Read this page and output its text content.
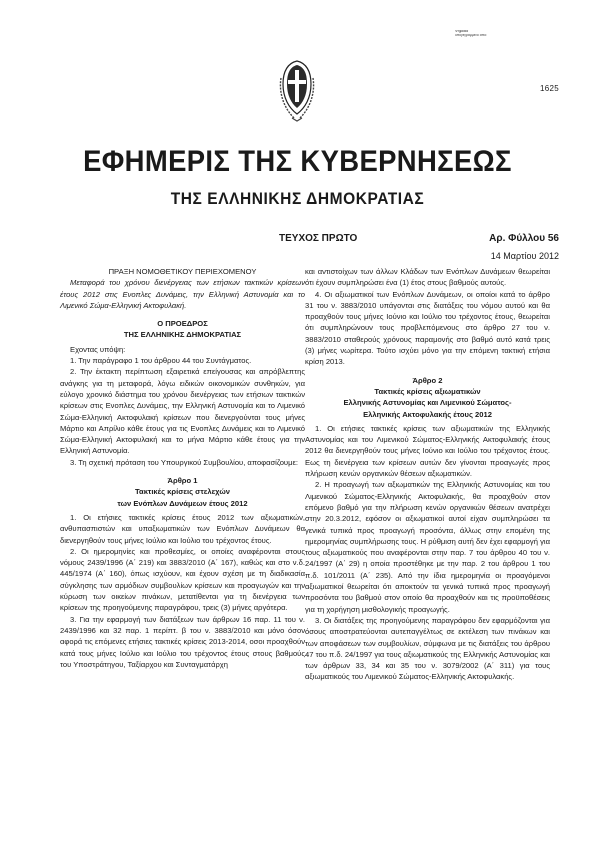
Ψηφιακά
υπογεγραμμένο από:
1625
ΕΦΗΜΕΡΙΣ ΤΗΣ ΚΥΒΕΡΝΗΣΕΩΣ
ΤΗΣ ΕΛΛΗΝΙΚΗΣ ΔΗΜΟΚΡΑΤΙΑΣ
ΤΕΥΧΟΣ ΠΡΩΤΟ	Αρ. Φύλλου 56
14 Μαρτίου 2012
ΠΡΑΞΗ ΝΟΜΟΘΕΤΙΚΟΥ ΠΕΡΙΕΧΟΜΕΝΟΥ
Μεταφορά του χρόνου διενέργειας των ετήσιων τακτικών κρίσεων έτους 2012 στις Ενοπλες Δυνάμεις, την Ελληνική Αστυνομία και το Λιμενικό Σώμα-Ελληνική Ακτοφυλακή.
Ο ΠΡΟΕΔΡΟΣ
ΤΗΣ ΕΛΛΗΝΙΚΗΣ ΔΗΜΟΚΡΑΤΙΑΣ
Εχοντας υπόψη:
1. Την παράγραφο 1 του άρθρου 44 του Συντάγματος.
2. Την έκτακτη περίπτωση εξαιρετικά επείγουσας και απρόβλεπτης ανάγκης για τη μεταφορά, λόγω ειδικών οικονομικών συνθηκών, για εύλογο χρονικό διάστημα του χρόνου διενέργειας των ετήσιων τακτικών κρίσεων στις Ενοπλες Δυνάμεις, την Ελληνική Αστυνομία και το Λιμενικό Σώμα-Ελληνική Ακτοφυλακή κρίσεων που διενεργούνται τους μήνες Μάρτιο και Απρίλιο κάθε έτους για τις Ενοπλες Δυνάμεις και το Λιμενικό Σώμα-Ελληνική Ακτοφυλακή και το μήνα Μάρτιο κάθε έτους για την Ελληνική Αστυνομία.
3. Τη σχετική πρόταση του Υπουργικού Συμβουλίου, αποφασίζουμε:
Άρθρο 1
Τακτικές κρίσεις στελεχών
των Ενόπλων Δυνάμεων έτους 2012
1. Οι ετήσιες τακτικές κρίσεις έτους 2012 των αξιωματικών, ανθυπασπιστών και υπαξιωματικών των Ενόπλων Δυνάμεων θα διενεργηθούν τους μήνες Ιούλιο και Ιούλιο του τρέχοντος έτους.
2. Οι ημερομηνίες και προθεσμίες, οι οποίες αναφέρονται στους νόμους 2439/1996 (Α΄ 219) και 3883/2010 (Α΄ 167), καθώς και στο ν.δ. 445/1974 (Α΄ 160), όπως ισχύουν, και έχουν σχέση με τη διαδικασία σύγκλησης των αρμόδιων συμβουλίων κρίσεων και προαγωγών και την κύρωση των οικείων πινάκων, μετατίθενται για τη διενέργεια των κρίσεων της προηγούμενης παραγράφου, τρεις (3) μήνες αργότερα.
3. Για την εφαρμογή των διατάξεων των άρθρων 16 παρ. 11 του ν. 2439/1996 και 32 παρ. 1 περίπτ. β του ν. 3883/2010 και μόνο όσον αφορά τις επόμενες ετήσιες τακτικές κρίσεις 2013-2014, οσοι προαχθούν κατά τους μήνες Ιούλιο και Ιούλιο του τρέχοντος έτους στους βαθμούς του Υποστράτηγου, Ταξίαρχου και Συνταγματάρχη
και αντιστοίχων των άλλων Κλάδων των Ενόπλων Δυνάμεων θεωρείται ότι έχουν συμπληρώσει ένα (1) έτος στους βαθμούς αυτούς.
4. Οι αξιωματικοί των Ενόπλων Δυνάμεων, οι οποίοι κατά το άρθρο 31 του ν. 3883/2010 υπάγονται στις διατάξεις του νόμου αυτού και θα προαχθούν τους μήνες Ιούνιο και Ιούλιο του τρέχοντος έτους, θεωρείται ότι συμπληρώνουν τους προβλεπόμενους στο άρθρο 27 του ν. 3883/2010 σταθερούς χρόνους παραμονής στο βαθμό αυτό κατά τρεις (3) μήνες νωρίτερα. Τούτο ισχύει μόνο για την επόμενη τακτική ετήσια κρίση 2013.
Άρθρο 2
Τακτικές κρίσεις αξιωματικών
Ελληνικής Αστυνομίας και Λιμενικού Σώματος-
Ελληνικής Ακτοφυλακής έτους 2012
1. Οι ετήσιες τακτικές κρίσεις των αξιωματικών της Ελληνικής Αστυνομίας και του Λιμενικού Σώματος-Ελληνικής Ακτοφυλακής έτους 2012 θα διενεργηθούν τους μήνες Ιούνιο και Ιούλιο του τρέχοντος έτους. Εως τη διενέργεια των κρίσεων αυτών δεν γίνονται προαγωγές προς πλήρωση κενών οργανικών θέσεων αξιωματικών.
2. Η προαγωγή των αξιωματικών της Ελληνικής Αστυνομίας και του Λιμενικού Σώματος-Ελληνικής Ακτοφυλακής, θα προαχθούν στον επόμενο βαθμό για την πλήρωση κενών οργανικών θέσεων ανατρέχει στην 20.3.2012, εφόσον οι αξιωματικοί αυτοί είχαν συμπληρώσει τα γενικά τυπικά προς προαγωγή προσόντα, άλλως στην επομένη της ημερομηνίας συμπλήρωσης τους. Η ρύθμιση αυτή δεν έχει εφαρμογή για τους αξιωματικούς που αναφέρονται στην παρ. 7 του άρθρου 40 του ν. 24/1997 (Α΄ 29) η οποία προστέθηκε με την παρ. 2 του άρθρου 1 του π.δ. 101/2011 (Α΄ 235). Από την ίδια ημερομηνία οι προαγόμενοι αξιωματικοί θεωρείται ότι αποκτούν τα γενικά τυπικά προς προαγωγή προσόντα του βαθμού στον οποίο θα προαχθούν και τις προϋποθέσεις για τη χορήγηση μισθολογικής προαγωγής.
3. Οι διατάξεις της προηγούμενης παραγράφου δεν εφαρμόζονται για όσους αποστρατεύονται αυτεπαγγέλτως σε εκτέλεση των πινάκων και των αποφάσεων των συμβουλίων, σύμφωνα με τις διατάξεις του άρθρου 47 του π.δ. 24/1997 για τους αξιωματικούς της Ελληνικής Αστυνομίας και των άρθρων 33, 34 και 35 του ν. 3079/2002 (Α΄ 311) για τους αξιωματικούς του Λιμενικού Σώματος-Ελληνικής Ακτοφυλακής.
